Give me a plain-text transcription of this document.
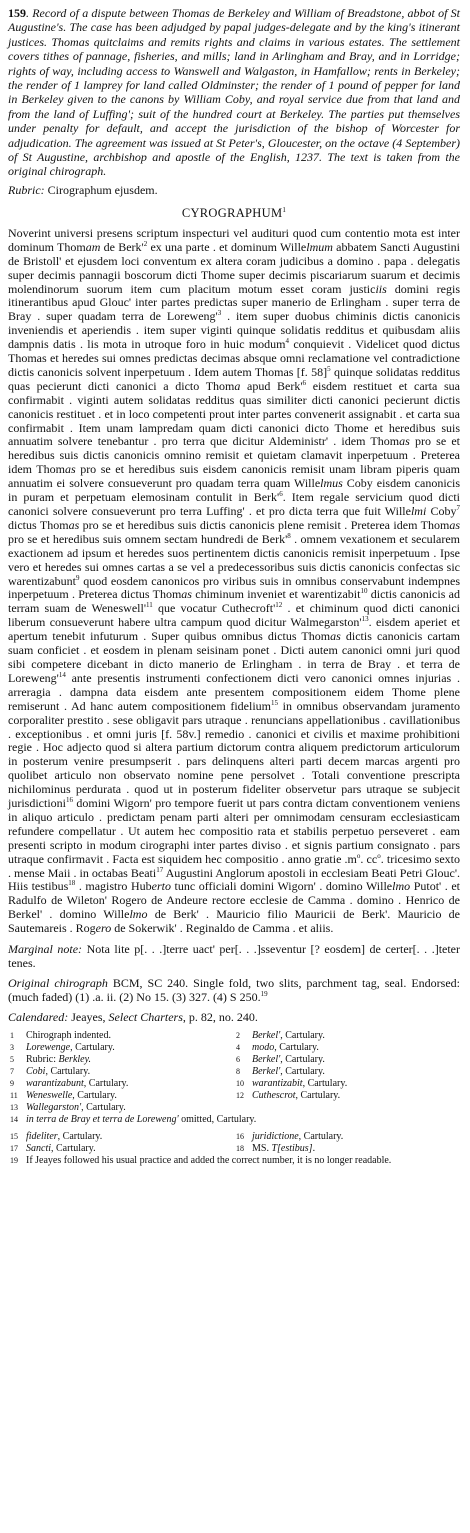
159. Record of a dispute between Thomas de Berkeley and William of Breadstone, abbot of St Augustine's. The case has been adjudged by papal judges-delegate and by the king's itinerant justices. Thomas quitclaims and remits rights and claims in various estates. The settlement covers tithes of pannage, fisheries, and mills; land in Arlingham and Bray, and in Lorridge; rights of way, including access to Wanswell and Walgaston, in Hamfallow; rents in Berkeley; the render of 1 lamprey for land called Oldminster; the render of 1 pound of pepper for land in Berkeley given to the canons by William Coby, and royal service due from that land and from the land of Luffing'; suit of the hundred court at Berkeley. The parties put themselves under penalty for default, and accept the jurisdiction of the bishop of Worcester for adjudication. The agreement was issued at St Peter's, Gloucester, on the octave (4 September) of St Augustine, archbishop and apostle of the English, 1237. The text is taken from the original chirograph.

Rubric: Cirographum ejusdem.

CYROGRAPHUM$^1$

Noverint universi presens scriptum inspecturi vel audituri quod cum contentio mota est inter dominum Thomam de $Berk'^2$ ex una parte . et dominum Willelmum abbatem Sancti Augustini de Bristoll' et ejusdem loci conventum ex altera coram judicibus a domino . papa . delegatis super decimis pannagii boscorum dicti Thome super decimis piscariarum suarum et decimis molendinorum suorum item cum placitum motum esset coram justiciis domini regis itinerantibus apud Glouc' inter partes predictas super manerio de Erlingham . super terra de Bray . super quadam terra de $Loreweng'^3$ . item super duobus chiminis dictis canonicis inveniendis et aperiendis . item super viginti quinque solidatis redditus et quibusdam aliis dampnis datis . lis mota in utroque foro in huic modum$^4$ conquievit . Videlicet quod dictus Thomas et heredes sui omnes predictas decimas absque omni reclamatione vel contradictione dictis canonicis solvent inperpetuum . Idem autem Thomas [f. 58]$^5$ quinque solidatas redditus quas pecierunt dicti canonici a dicto Thoma apud $Berk'^6$ eisdem restituet et carta sua confirmabit . viginti autem solidatas redditus quas similiter dicti canonici pecierunt dictis canonicis restituet . et in loco competenti prout inter partes convenerit assignabit . et carta sua confirmabit . Item unam lampredam quam dicti canonici dicto Thome et heredibus suis annuatim solvere tenebantur . pro terra que dicitur Aldeministr' . idem Thomas pro se et heredibus suis dictis canonicis omnino remisit et quietam clamavit inperpetuum . Preterea idem Thomas pro se et heredibus suis eisdem canonicis remisit unam libram piperis quam annuatim ei solvere consueverunt pro quadam terra quam Willelmus Coby eisdem canonicis in puram et perpetuam elemosinam contulit in $Berk'^6$. Item regale servicium quod dicti canonici solvere consueverunt pro terra Luffing' . et pro dicta terra que fuit Willelmi Coby$^7$ dictus Thomas pro se et heredibus suis dictis canonicis plene remisit . Preterea idem Thomas pro se et heredibus suis omnem sectam hundredi de $Berk'^8$ . omnem vexationem et secularem exactionem ad ipsum et heredes suos pertinentem dictis canonicis remisit inperpetuum . Ipse vero et heredes sui omnes cartas a se vel a predecessoribus suis dictis canonicis confectas sic warentizabunt$^9$ quod eosdem canonicos pro viribus suis in omnibus conservabunt indempnes inperpetuum . Preterea dictus Thomas chiminum inveniet et warentizabit$^{10}$ dictis canonicis ad terram suam de $Weneswell'^{11}$ que vocatur $Cuthecroft'^{12}$ . et chiminum quod dicti canonici liberum consueverunt habere ultra campum quod dicitur $Walmegarston'^{13}$. eisdem aperiet et apertum tenebit infuturum . Super quibus omnibus dictus Thomas dictis canonicis cartam suam conficiet . et eosdem in plenam seisinam ponet . Dicti autem canonici omni juri quod sibi competere dicebant in dicto manerio de Erlingham . in terra de Bray . et terra de $Loreweng'^{14}$ ante presentis instrumenti confectionem dicti vero canonici omnes injurias . arreragia . dampna data eisdem ante presentem compositionem eidem Thome plene remiserunt . Ad hanc autem compositionem fidelium$^{15}$ in omnibus observandam juramento corporaliter prestito . sese obligavit pars utraque . renuncians appellationibus . cavillationibus . exceptionibus . et omni juris [f. 58v.] remedio . canonici et civilis et maxime prohibitioni regie . Hoc adjecto quod si altera partium dictorum contra aliquem predictorum articulorum in posterum venire presumpserit . pars delinquens alteri parti decem marcas argenti pro quolibet articulo non observato nomine pene persolvet . Totali conventione prescripta nichilominus perdurata . quod ut in posterum fideliter observetur pars utraque se subjecit jurisdictioni$^{16}$ domini Wigorn' pro tempore fuerit ut pars contra dictam conventionem veniens in aliquo articulo . predictam penam parti alteri per omnimodam censuram ecclesiasticam refundere compellatur . Ut autem hec compositio rata et stabilis perpetuo perseveret . eam presenti scripto in modum cirographi inter partes diviso . et signis partium consignato . pars utraque confirmavit . Facta est siquidem hec compositio . anno gratie $.m^o$. $cc^o$. tricesimo sexto . mense Maii . in octabas Beati$^{17}$ Augustini Anglorum apostoli in ecclesiam Beati Petri Glouc'. Hiis testibus$^{18}$ . magistro Huberto tunc officiali domini Wigorn' . domino Willelmo Putot' . et Radulfo de Wileton' Rogero de Andeure rectore ecclesie de Camma . domino . Henrico de Berkel' . domino Willelmo de Berk' . Mauricio filio Mauricii de Berk'. Mauricio de Sautemareis . Rogero de Sokerwik' . Reginaldo de Camma . et aliis.

Marginal note: Nota lite p[. . .]terre uact' per[. . .]sseventur [? eosdem] de certer[. . .]teter tenes.

Original chirograph BCM, SC 240. Single fold, two slits, parchment tag, seal. Endorsed: (much faded) (1) .a. ii. (2) No 15. (3) 327. (4) S 250.19

Calendared: Jeayes, Select Charters, p. 82, no. 240.

1	Chirograph indented.	2	Berkel', Cartulary.
3	Lorewenge, Cartulary.	4	modo, Cartulary.
5	Rubric: Berkley.	6	Berkel', Cartulary.
7	Cobi, Cartulary.	8	Berkel', Cartulary.
9	warantizabunt, Cartulary.	10 warantizabit, Cartulary.
11 Weneswelle, Cartulary.	12 Cuthescrot, Cartulary.
13 Wallegarston', Cartulary.
14 in terra de Bray et terra de Loreweng' omitted, Cartulary.
15 fideliter, Cartulary.	16 juridictione, Cartulary.
17 Sancti, Cartulary.	18 MS. T[estibus].
19 If Jeayes followed his usual practice and added the correct number, it is no longer readable.
